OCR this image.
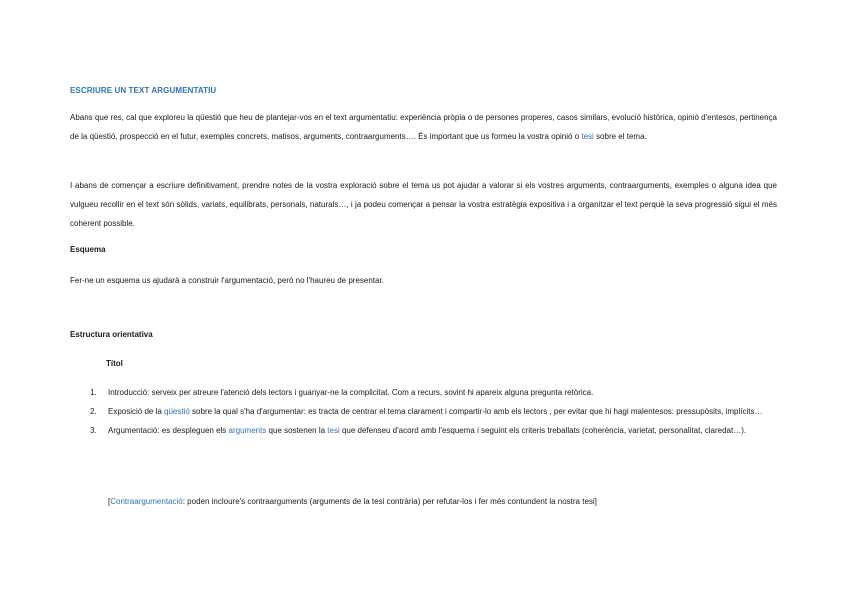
ESCRIURE UN TEXT ARGUMENTATIU

Abans que res, cal que exploreu la qüestió que heu de plantejar-vos en el text argumentatiu: experiència pròpia o de persones properes, casos similars, evolució històrica, opinió d'entesos, pertinença de la qüestió, prospecció en el futur, exemples concrets, matisos, arguments, contraarguments…. És important que us formeu la vostra opinió o tesi sobre el tema.

I abans de començar a escriure definitivament, prendre notes de la vostra exploració sobre el tema us pot ajudar a valorar si els vostres arguments, contraarguments, exemples o alguna idea que vulgueu recollir en el text són sòlids, variats, equilibrats, personals, naturals…, i ja podeu començar a pensar la vostra estratègia expositiva i a organitzar el text perquè la seva progressió sigui el més coherent possible.

Esquema

Fer-ne un esquema us ajudarà a construir l'argumentació, però no l'haureu de presentar.

Estructura orientativa
Títol
1. Introducció: serveix per atreure l'atenció dels lectors i guanyar-ne la complicitat. Com a recurs, sovint hi apareix alguna pregunta retòrica.
2. Exposició de la qüestió sobre la qual s'ha d'argumentar: es tracta de centrar el tema clarament i compartir-lo amb els lectors , per evitar que hi hagi malentesos: pressupòsits, implícits…
3. Argumentació: es despleguen els arguments que sostenen la tesi que defenseu d'acord amb l'esquema i seguint els criteris treballats (coherència, varietat, personalitat, claredat…).
[Contraargumentació: poden incloure's contraarguments (arguments de la tesi contrària) per refutar-los i fer més contundent la nostra tesi]
